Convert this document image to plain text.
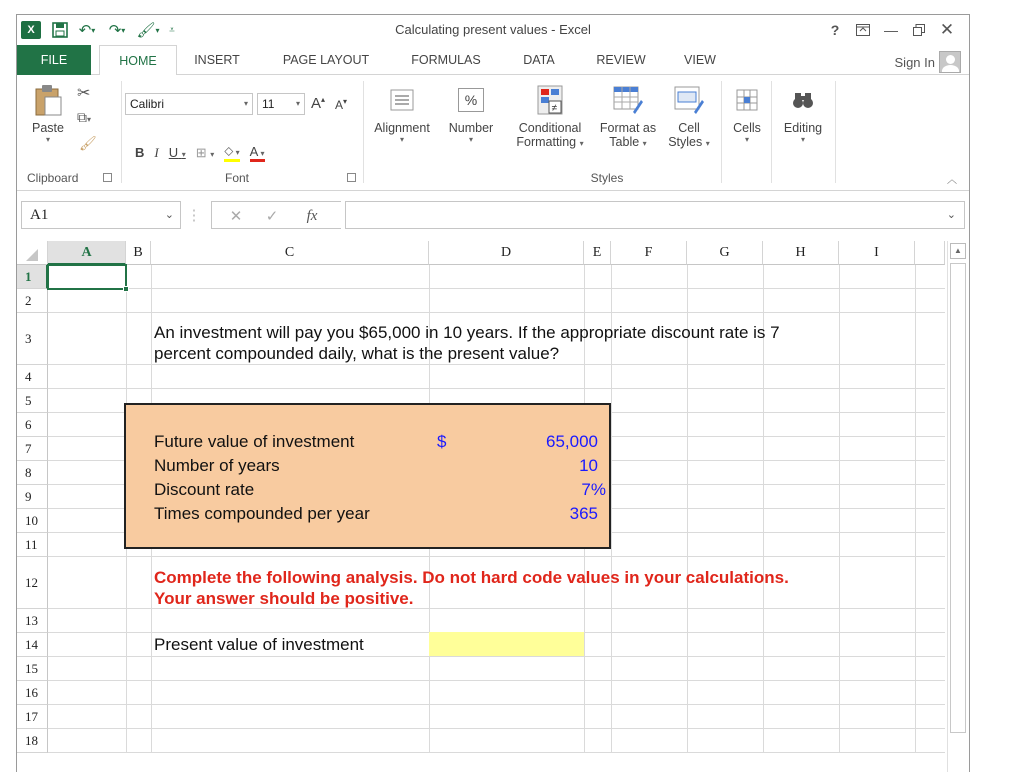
X	↶ ▾ ↷ ▾ 🖌 ▾ ⩡	Calculating present values - Excel	?	—	✕
FILE	HOME	INSERT	PAGE LAYOUT	FORMULAS	DATA	REVIEW	VIEW	Sign In
Paste
▾
✂
⧉▾
🖌
Clipboard
Calibri	▾	11	▾ A▴ A▾
B I U ▾ ⊞ ▾ ⬦ ▾ A ▾
Font
Alignment
▾
%
Number
▾
≠
Conditional
Formatting ▾
Format as
Table ▾
Cell
Styles ▾
Styles
Cells
▾
Editing
▾
︿
A1	⌄ ⋮ ✕ ✓	fx	⌄
A	B	C	D	E	F	G	H	I
1
2
3
4
5
6
7
8
9
10
11
12
13
14
15
16
17
18
An investment will pay you $65,000 in 10 years. If the appropriate discount rate is 7
percent compounded daily, what is the present value?
Future value of investment	$	65,000
Number of years	10
Discount rate	7%
Times compounded per year	365
Complete the following analysis. Do not hard code values in your calculations.
Your answer should be positive.
Present value of investment
▲
